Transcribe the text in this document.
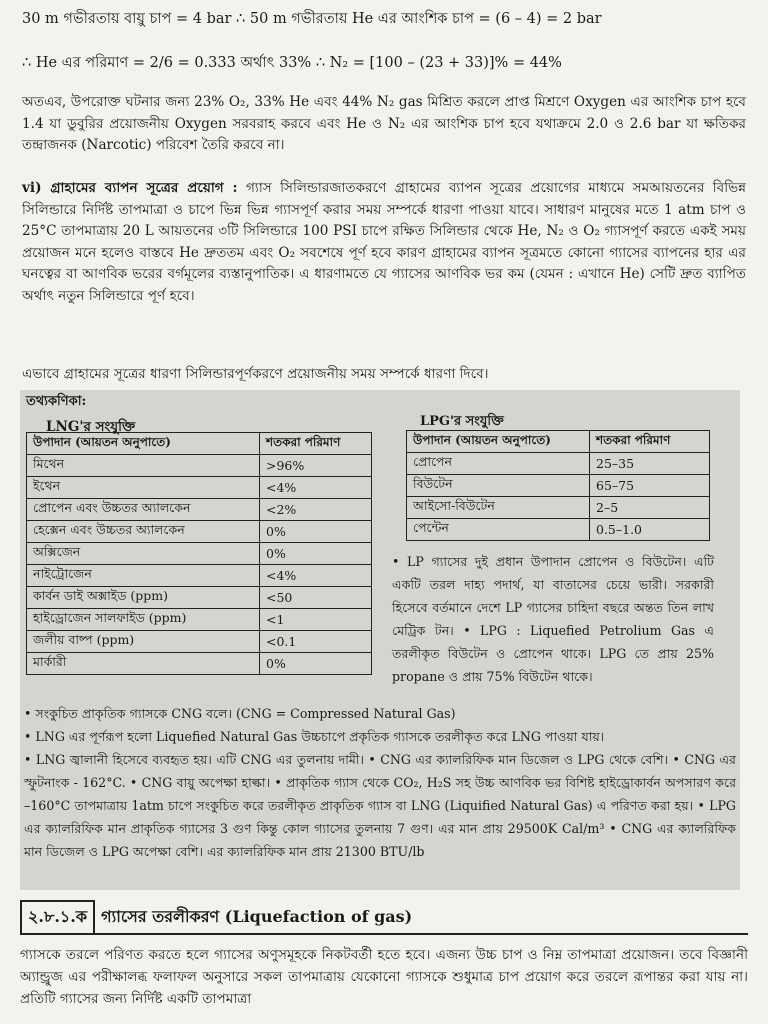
30 m গভীরতায় বায়ু চাপ = 4 bar ∴ 50 m গভীরতায় He এর আংশিক চাপ = (6 – 4) = 2 bar
∴ He এর পরিমাণ = 2/6 = 0.333 অর্থাৎ 33% ∴ N₂ = [100 – (23 + 33)]% = 44%
অতএব, উপরোক্ত ঘটনার জন্য 23% O₂, 33% He এবং 44% N₂ gas মিশ্রিত করলে প্রাপ্ত মিশ্রণে Oxygen এর আংশিক চাপ হবে 1.4 যা ডুবুরির প্রয়োজনীয় Oxygen সরবরাহ করবে এবং He ও N₂ এর আংশিক চাপ হবে যথাক্রমে 2.0 ও 2.6 bar যা ক্ষতিকর তন্দ্রাজনক (Narcotic) পরিবেশ তৈরি করবে না।
vi) গ্রাহামের ব্যাপন সূত্রের প্রয়োগ : গ্যাস সিলিন্ডারজাতকরণে গ্রাহামের ব্যাপন সূত্রের প্রয়োগের মাধ্যমে সমআয়তনের বিভিন্ন সিলিন্ডারে নির্দিষ্ট তাপমাত্রা ও চাপে ভিন্ন ভিন্ন গ্যাসপূর্ণ করার সময় সম্পর্কে ধারণা পাওয়া যাবে। সাধারণ মানুষের মতে 1 atm চাপ ও 25°C তাপমাত্রায় 20 L আয়তনের ৩টি সিলিন্ডারে 100 PSI চাপে রক্ষিত সিলিন্ডার থেকে He, N₂ ও O₂ গ্যাসপূর্ণ করতে একই সময় প্রয়োজন মনে হলেও বাস্তবে He দ্রুততম এবং O₂ সবশেষে পূর্ণ হবে কারণ গ্রাহামের ব্যাপন সূত্রমতে কোনো গ্যাসের ব্যাপনের হার এর ঘনত্বের বা আণবিক ভরের বর্গমূলের ব্যস্তানুপাতিক। এ ধারণামতে যে গ্যাসের আণবিক ভর কম (যেমন : এখানে He) সেটি দ্রুত ব্যাপিত অর্থাৎ নতুন সিলিন্ডারে পূর্ণ হবে।
এভাবে গ্রাহামের সূত্রের ধারণা সিলিন্ডারপূর্ণকরণে প্রয়োজনীয় সময় সম্পর্কে ধারণা দিবে।
তথ্যকণিকা:
LNG'র সংযুক্তি	LPG'র সংযুক্তি
উপাদান (আয়তন অনুপাতে)	শতকরা পরিমাণ
মিথেন	>96%
ইথেন	<4%
প্রোপেন এবং উচ্চতর অ্যালকেন	<2%
হেক্সেন এবং উচ্চতর অ্যালকেন	0%
অক্সিজেন	0%
নাইট্রোজেন	<4%
কার্বন ডাই অক্সাইড (ppm)	<50
হাইড্রোজেন সালফাইড (ppm)	<1
জলীয় বাষ্প (ppm)	<0.1
মার্কারী	0%
উপাদান (আয়তন অনুপাতে)	শতকরা পরিমাণ
প্রোপেন	25–35
বিউটেন	65–75
আইসো-বিউটেন	2–5
পেন্টেন	0.5–1.0
• LP গ্যাসের দুই প্রধান উপাদান প্রোপেন ও বিউটেন। এটি একটি তরল দাহ্য পদার্থ, যা বাতাসের চেয়ে ভারী। সরকারী হিসেবে বর্তমানে দেশে LP গ্যাসের চাহিদা বছরে অন্তত তিন লাখ মেট্রিক টন। • LPG : Liquefied Petrolium Gas এ তরলীকৃত বিউটেন ও প্রোপেন থাকে। LPG তে প্রায় 25% propane ও প্রায় 75% বিউটেন থাকে।
• সংকুচিত প্রাকৃতিক গ্যাসকে CNG বলে। (CNG = Compressed Natural Gas)
• LNG এর পূর্ণরূপ হলো Liquefied Natural Gas উচ্চচাপে প্রকৃতিক গ্যাসকে তরলীকৃত করে LNG পাওয়া যায়।
• LNG জ্বালানী হিসেবে ব্যবহৃত হয়। এটি CNG এর তুলনায় দামী। • CNG এর ক্যালরিফিক মান ডিজেল ও LPG থেকে বেশি। • CNG এর স্ফুটনাংক - 162°C. • CNG বায়ু অপেক্ষা হাল্কা। • প্রাকৃতিক গ্যাস থেকে CO₂, H₂S সহ উচ্চ আণবিক ভর বিশিষ্ট হাইড্রোকার্বন অপসারণ করে –160°C তাপমাত্রায় 1atm চাপে সংকুচিত করে তরলীকৃত প্রাকৃতিক গ্যাস বা LNG (Liquified Natural Gas) এ পরিণত করা হয়। • LPG এর ক্যালরিফিক মান প্রাকৃতিক গ্যাসের 3 গুণ কিন্তু কোল গ্যাসের তুলনায় 7 গুণ। এর মান প্রায় 29500K Cal/m³ • CNG এর ক্যালরিফিক মান ডিজেল ও LPG অপেক্ষা বেশি। এর ক্যালরিফিক মান প্রায় 21300 BTU/lb
২.৮.১.ক গ্যাসের তরলীকরণ (Liquefaction of gas)
গ্যাসকে তরলে পরিণত করতে হলে গ্যাসের অণুসমূহকে নিকটবর্তী হতে হবে। এজন্য উচ্চ চাপ ও নিম্ন তাপমাত্রা প্রয়োজন। তবে বিজ্ঞানী অ্যান্ড্রুজ এর পরীক্ষালব্ধ ফলাফল অনুসারে সকল তাপমাত্রায় যেকোনো গ্যাসকে শুধুমাত্র চাপ প্রয়োগ করে তরলে রূপান্তর করা যায় না। প্রতিটি গ্যাসের জন্য নির্দিষ্ট একটি তাপমাত্রা
